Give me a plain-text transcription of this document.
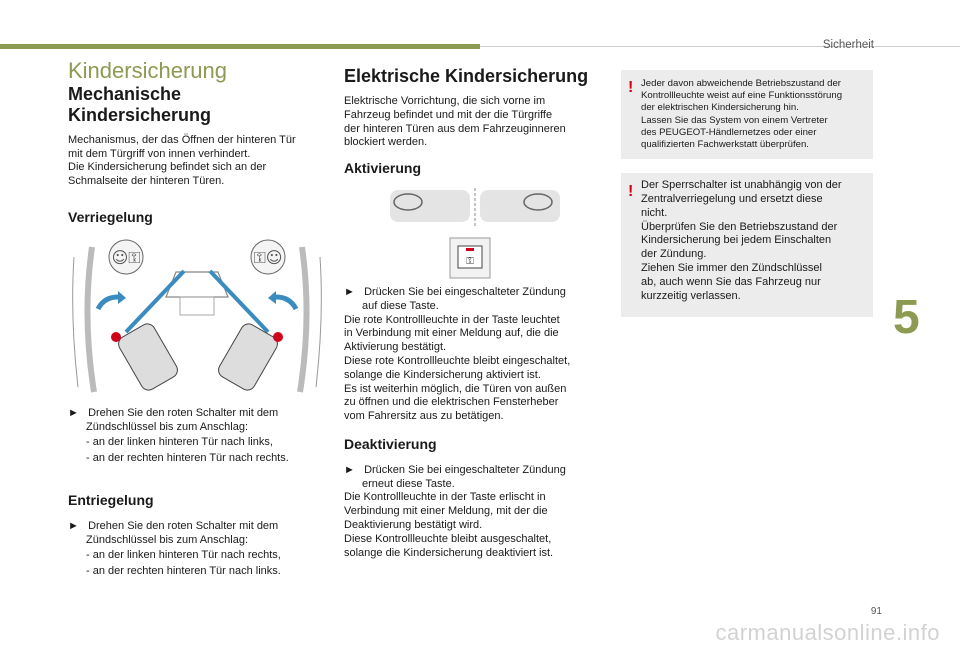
Sicherheit
5
91
carmanualsonline.info
Kindersicherung
Mechanische
Kindersicherung

Mechanismus, der das Öffnen der hinteren Tür
mit dem Türgriff von innen verhindert.
Die Kindersicherung befindet sich an der
Schmalseite der hinteren Türen.

Verriegelung
☺⚿	⚿☺

►   Drehen Sie den roten Schalter mit dem
Zündschlüssel bis zum Anschlag:

- an der linken hinteren Tür nach links,

- an der rechten hinteren Tür nach rechts.

Entriegelung

►   Drehen Sie den roten Schalter mit dem
Zündschlüssel bis zum Anschlag:

- an der linken hinteren Tür nach rechts,

- an der rechten hinteren Tür nach links.

Elektrische Kindersicherung

Elektrische Vorrichtung, die sich vorne im
Fahrzeug befindet und mit der die Türgriffe
der hinteren Türen aus dem Fahrzeuginneren
blockiert werden.

Aktivierung
⚿

►   Drücken Sie bei eingeschalteter Zündung
auf diese Taste.

Die rote Kontrollleuchte in der Taste leuchtet
in Verbindung mit einer Meldung auf, die die
Aktivierung bestätigt.
Diese rote Kontrollleuchte bleibt eingeschaltet,
solange die Kindersicherung aktiviert ist.
Es ist weiterhin möglich, die Türen von außen
zu öffnen und die elektrischen Fensterheber
vom Fahrersitz aus zu betätigen.

Deaktivierung

►   Drücken Sie bei eingeschalteter Zündung
erneut diese Taste.

Die Kontrollleuchte in der Taste erlischt in
Verbindung mit einer Meldung, mit der die
Deaktivierung bestätigt wird.
Diese Kontrollleuchte bleibt ausgeschaltet,
solange die Kindersicherung deaktiviert ist.

! Jeder davon abweichende Betriebszustand der
Kontrollleuchte weist auf eine Funktionsstörung
der elektrischen Kindersicherung hin.
Lassen Sie das System von einem Vertreter
des PEUGEOT-Händlernetzes oder einer
qualifizierten Fachwerkstatt überprüfen.
! Der Sperrschalter ist unabhängig von der
Zentralverriegelung und ersetzt diese
nicht.
Überprüfen Sie den Betriebszustand der
Kindersicherung bei jedem Einschalten
der Zündung.
Ziehen Sie immer den Zündschlüssel
ab, auch wenn Sie das Fahrzeug nur
kurzzeitig verlassen.
